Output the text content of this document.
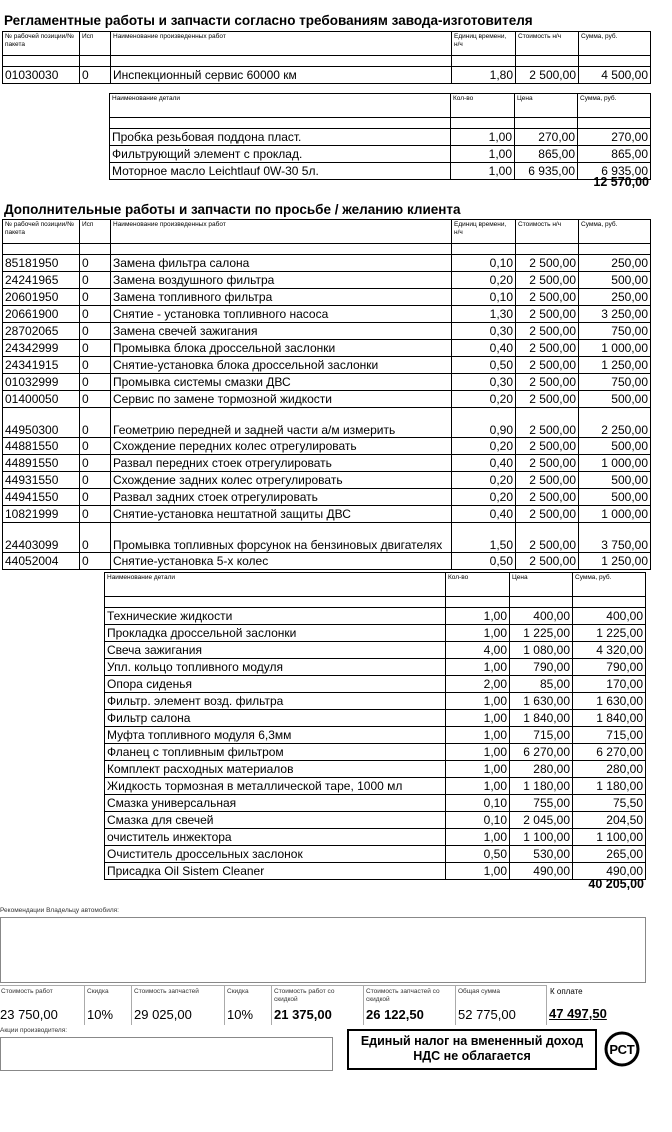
Регламентные работы и запчасти согласно требованиям завода-изготовителя
№ рабочей позиции/№ пакета	Исп	Наименование произведенных работ	Единиц времени, н/ч	Стоимость н/ч	Сумма, руб.

01030030	0	Инспекционный сервис 60000 км	1,80	2 500,00	4 500,00
Наименование детали	Кол-во	Цена	Сумма, руб.

Пробка резьбовая поддона пласт.	1,00	270,00	270,00
Фильтрующий элемент с проклад.	1,00	865,00	865,00
Моторное масло Leichtlauf 0W-30 5л.	1,00	6 935,00	6 935,00
12 570,00
Дополнительные работы и запчасти по просьбе / желанию клиента
№ рабочей позиции/№ пакета	Исп	Наименование произведенных работ	Единиц времени, н/ч	Стоимость н/ч	Сумма, руб.

85181950	0	Замена фильтра салона	0,10	2 500,00	250,00
24241965	0	Замена воздушного фильтра	0,20	2 500,00	500,00
20601950	0	Замена топливного фильтра	0,10	2 500,00	250,00
20661900	0	Снятие - установка топливного насоса	1,30	2 500,00	3 250,00
28702065	0	Замена свечей зажигания	0,30	2 500,00	750,00
24342999	0	Промывка блока дроссельной заслонки	0,40	2 500,00	1 000,00
24341915	0	Снятие-установка блока дроссельной заслонки	0,50	2 500,00	1 250,00
01032999	0	Промывка системы смазки ДВС	0,30	2 500,00	750,00
01400050	0	Сервис по замене тормозной жидкости	0,20	2 500,00	500,00
44950300	0	Геометрию передней и задней части а/м измерить	0,90	2 500,00	2 250,00
44881550	0	Схождение передних колес отрегулировать	0,20	2 500,00	500,00
44891550	0	Развал передних стоек отрегулировать	0,40	2 500,00	1 000,00
44931550	0	Схождение задних колес отрегулировать	0,20	2 500,00	500,00
44941550	0	Развал задних стоек отрегулировать	0,20	2 500,00	500,00
10821999	0	Снятие-установка нештатной защиты ДВС	0,40	2 500,00	1 000,00
24403099	0	Промывка топливных форсунок на бензиновых двигателях	1,50	2 500,00	3 750,00
44052004	0	Снятие-установка 5-х колес	0,50	2 500,00	1 250,00
Наименование детали	Кол-во	Цена	Сумма, руб.

Технические жидкости	1,00	400,00	400,00
Прокладка дроссельной заслонки	1,00	1 225,00	1 225,00
Свеча зажигания	4,00	1 080,00	4 320,00
Упл. кольцо топливного модуля	1,00	790,00	790,00
Опора сиденья	2,00	85,00	170,00
Фильтр. элемент возд. фильтра	1,00	1 630,00	1 630,00
Фильтр салона	1,00	1 840,00	1 840,00
Муфта топливного модуля 6,3мм	1,00	715,00	715,00
Фланец с топливным фильтром	1,00	6 270,00	6 270,00
Комплект расходных материалов	1,00	280,00	280,00
Жидкость тормозная в металлической таре, 1000 мл	1,00	1 180,00	1 180,00
Смазка универсальная	0,10	755,00	75,50
Смазка для свечей	0,10	2 045,00	204,50
очиститель инжектора	1,00	1 100,00	1 100,00
Очиститель дроссельных заслонок	0,50	530,00	265,00
Присадка Oil Sistem Cleaner	1,00	490,00	490,00
40 205,00
Рекомендации Владельцу автомобиля:
Стоимость работ
23 750,00
Скидка
10%
Стоимость запчастей
29 025,00
Скидка
10%
Стоимость работ со скидкой
21 375,00
Стоимость запчастей со скидкой
26 122,50
Общая сумма
52 775,00
К оплате
47 497,50
Акции производителя:
Единый налог на вмененный доход
НДС не облагается	РСТ
